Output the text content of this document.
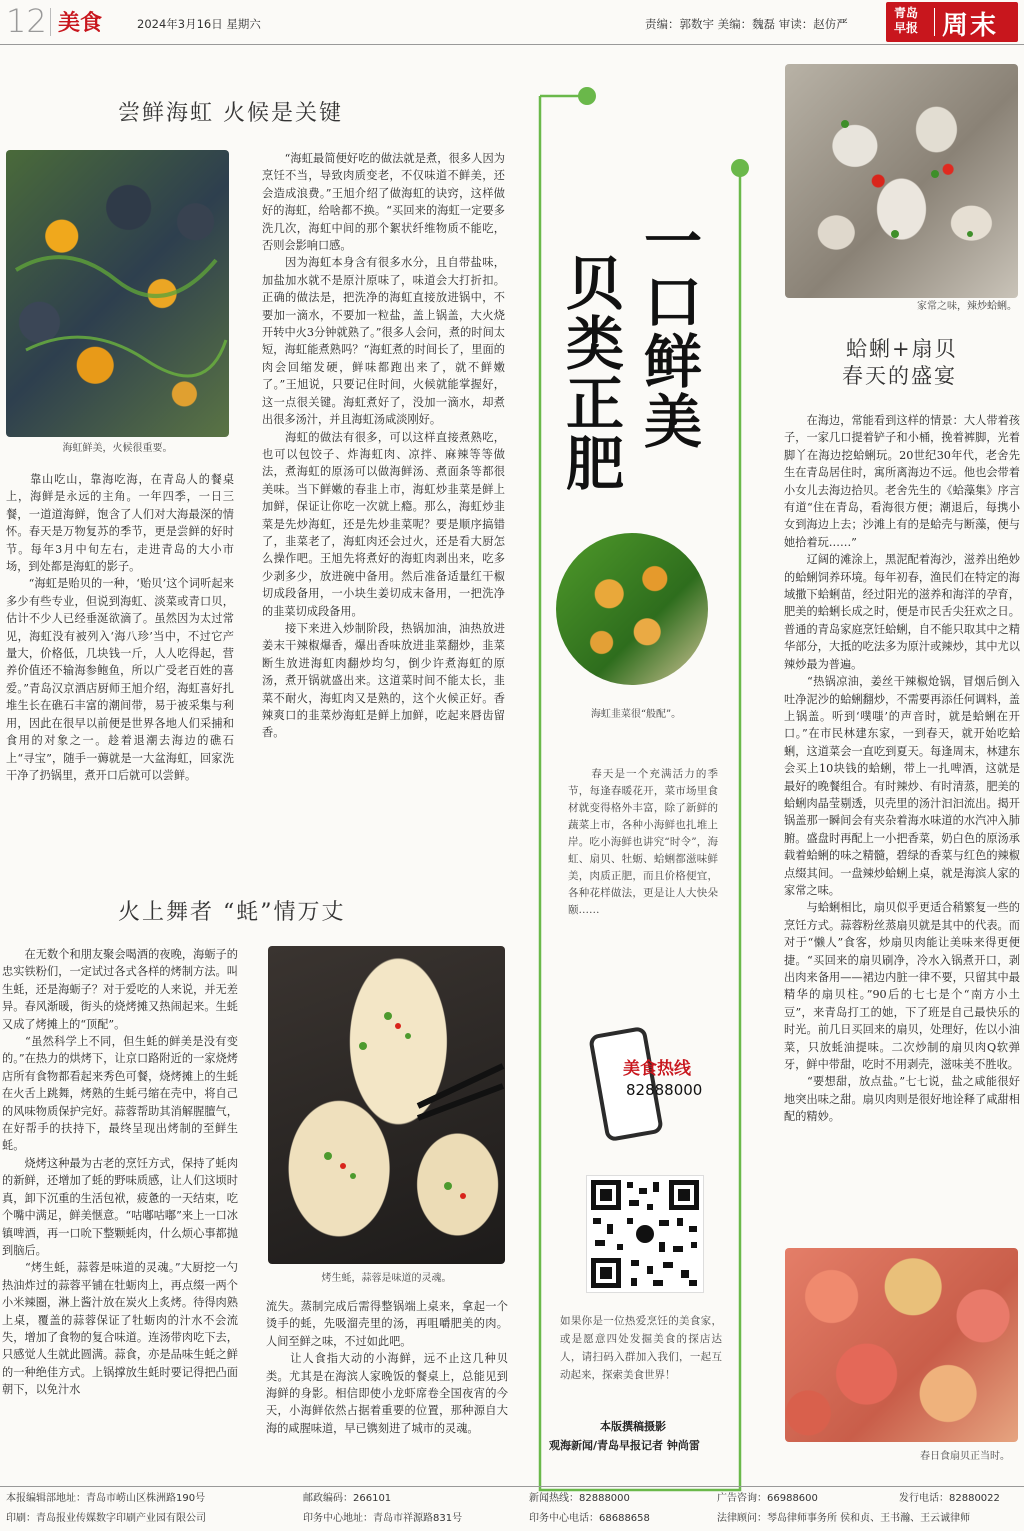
12 美食	2024年3月16日 星期六	责编：郭数宇 美编：魏磊 审读：赵仿严
青岛早报 周末
尝鲜海虹 火候是关键
海虹鲜美，火候很重要。
　　靠山吃山，靠海吃海，在青岛人的餐桌上，海鲜是永远的主角。一年四季，一日三餐，一道道海鲜，饱含了人们对大海最深的情怀。春天是万物复苏的季节，更是尝鲜的好时节。每年3月中旬左右，走进青岛的大小市场，到处都是海虹的影子。
　　“海虹是贻贝的一种，‘贻贝’这个词听起来多少有些专业，但说到海虹、淡菜或青口贝，估计不少人已经垂涎欲滴了。虽然因为太过常见，海虹没有被列入‘海八珍’当中，不过它产量大，价格低，几块钱一斤，人人吃得起，营养价值还不输海参鲍鱼，所以广受老百姓的喜爱。”青岛汉京酒店厨师王旭介绍，海虹喜好扎堆生长在礁石丰富的潮间带，易于被采集与利用，因此在很早以前便是世界各地人们采捕和食用的对象之一。趁着退潮去海边的礁石上“寻宝”，随手一薅就是一大盆海虹，回家洗干净了扔锅里，煮开口后就可以尝鲜。
　　“海虹最简便好吃的做法就是煮，很多人因为烹饪不当，导致肉质变老，不仅味道不鲜美，还会造成浪费。”王旭介绍了做海虹的诀窍，这样做好的海虹，给啥都不换。“买回来的海虹一定要多洗几次，海虹中间的那个絮状纤维物质不能吃，否则会影响口感。
　　因为海虹本身含有很多水分，且自带盐味，加盐加水就不是原汁原味了，味道会大打折扣。正确的做法是，把洗净的海虹直接放进锅中，不要加一滴水，不要加一粒盐，盖上锅盖，大火烧开转中火3分钟就熟了。”很多人会问，煮的时间太短，海虹能煮熟吗？“海虹煮的时间长了，里面的肉会回缩发硬，鲜味都跑出来了，就不鲜嫩了。”王旭说，只要记住时间，火候就能掌握好，这一点很关键。海虹煮好了，没加一滴水，却煮出很多汤汁，并且海虹汤咸淡刚好。
　　海虹的做法有很多，可以这样直接煮熟吃，也可以包饺子、炸海虹肉、凉拌、麻辣等等做法，煮海虹的原汤可以做海鲜汤、煮面条等都很美味。当下鲜嫩的春韭上市，海虹炒韭菜是鲜上加鲜，保证让你吃一次就上瘾。那么，海虹炒韭菜是先炒海虹，还是先炒韭菜呢？要是顺序搞错了，韭菜老了，海虹肉还会过火，还是看大厨怎么操作吧。王旭先将煮好的海虹肉剥出来，吃多少剥多少，放进碗中备用。然后准备适量红干椒切成段备用，一小块生姜切成末备用，一把洗净的韭菜切成段备用。
　　接下来进入炒制阶段，热锅加油，油热放进姜末干辣椒爆香，爆出香味放进韭菜翻炒，韭菜断生放进海虹肉翻炒均匀，倒少许煮海虹的原汤，煮开锅就盛出来。这道菜时间不能太长，韭菜不耐火，海虹肉又是熟的，这个火候正好。香辣爽口的韭菜炒海虹是鲜上加鲜，吃起来唇齿留香。
火上舞者 “蚝”情万丈
　　在无数个和朋友聚会喝酒的夜晚，海蛎子的忠实铁粉们，一定试过各式各样的烤制方法。叫生蚝，还是海蛎子？对于爱吃的人来说，并无差异。春风渐暖，街头的烧烤摊又热闹起来。生蚝又成了烤摊上的“顶配”。
　　“虽然科学上不同，但生蚝的鲜美是没有变的。”在热力的烘烤下，让京口路附近的一家烧烤店所有食物都看起来秀色可餐，烧烤摊上的生蚝在火舌上跳舞，烤熟的生蚝弓缩在壳中，将自己的风味物质保护完好。蒜蓉帮助其消解腥膻气，在好帮手的扶持下，最终呈现出烤制的至鲜生蚝。
　　烧烤这种最为古老的烹饪方式，保持了蚝肉的新鲜，还增加了蚝的野味质感，让人们这顷时真，卸下沉重的生活包袱，疲惫的一天结束，吃个嘴中满足，鲜美惬意。“咕嘟咕嘟”来上一口冰镇啤酒，再一口吮下整颗蚝肉，什么烦心事都抛到脑后。
　　“烤生蚝，蒜蓉是味道的灵魂。”大厨挖一勺热油炸过的蒜蓉平铺在牡蛎肉上，再点缀一两个小米辣圈，淋上酱汁放在炭火上炙烤。待得肉熟上桌，覆盖的蒜蓉保证了牡蛎肉的汁水不会流失，增加了食物的复合味道。连汤带肉吃下去，只感觉人生就此圆满。蒜食，亦是品味生蚝之鲜的一种绝佳方式。上锅撑放生蚝时要记得把凸面朝下，以免汁水
烤生蚝，蒜蓉是味道的灵魂。
流失。蒸制完成后需得整锅端上桌来，拿起一个烫手的蚝，先吸溜壳里的汤，再咀嚼肥美的肉。人间至鲜之味，不过如此吧。
　　让人食指大动的小海鲜，远不止这几种贝类。尤其是在海滨人家晚饭的餐桌上，总能见到海鲜的身影。相信即使小龙虾席卷全国夜宵的今天，小海鲜依然占据着重要的位置，那种源自大海的咸腥味道，早已镌刻进了城市的灵魂。
一口鲜美
贝类正肥
海虹韭菜很“般配”。
　　春天是一个充满活力的季节，每逢春暖花开，菜市场里食材就变得格外丰富，除了新鲜的蔬菜上市，各种小海鲜也扎堆上岸。吃小海鲜也讲究“时令”，海虹、扇贝、牡蛎、蛤蜊都滋味鲜美，肉质正肥，而且价格便宜，各种花样做法，更是让人大快朵颐……
美食热线
82888000
如果你是一位热爱烹饪的美食家，或是愿意四处发掘美食的探店达人，请扫码入群加入我们，一起互动起来，探索美食世界！
本版撰稿摄影
观海新闻/青岛早报记者 钟尚雷
家常之味，辣炒蛤蜊。
蛤蜊+扇贝
春天的盛宴
　　在海边，常能看到这样的情景：大人带着孩子，一家几口提着铲子和小桶，挽着裤脚，光着脚丫在海边挖蛤蜊玩。20世纪30年代，老舍先生在青岛居住时，寓所离海边不远。他也会带着小女儿去海边拾贝。老舍先生的《蛤藻集》序言有道“住在青岛，看海很方便；潮退后，每携小女到海边上去；沙滩上有的是蛤壳与断藻，便与她拾着玩……”
　　辽阔的滩涂上，黑泥配着海沙，滋养出绝妙的蛤蜊饲养环境。每年初春，渔民们在特定的海域撒下蛤蜊苗，经过阳光的滋养和海洋的孕育，肥美的蛤蜊长成之时，便是市民舌尖狂欢之日。普通的青岛家庭烹饪蛤蜊，自不能只取其中之精华部分，大抵的吃法多为原汁或辣炒，其中尤以辣炒最为普遍。
　　“热锅凉油，姜丝干辣椒炝锅，冒烟后倒入吐净泥沙的蛤蜊翻炒，不需要再添任何调料，盖上锅盖。听到‘噗嗤’的声音时，就是蛤蜊在开口。”在市民林建东家，一到春天，就开始吃蛤蜊，这道菜会一直吃到夏天。每逢周末，林建东会买上10块钱的蛤蜊，带上一扎啤酒，这就是最好的晚餐组合。有时辣炒、有时清蒸，肥美的蛤蜊肉晶莹剔透，贝壳里的汤汁汩汩流出。揭开锅盖那一瞬间会有夹杂着海水味道的水汽冲入肺腑。盛盘时再配上一小把香菜，奶白色的原汤承载着蛤蜊的味之精髓，碧绿的香菜与红色的辣椒点缀其间。一盘辣炒蛤蜊上桌，就是海滨人家的家常之味。
　　与蛤蜊相比，扇贝似乎更适合稍繁复一些的烹饪方式。蒜蓉粉丝蒸扇贝就是其中的代表。而对于“懒人”食客，炒扇贝肉能让美味来得更便捷。“买回来的扇贝刷净，冷水入锅煮开口，剥出肉来备用——裙边内脏一律不要，只留其中最精华的扇贝柱。”90后的七七是个“南方小土豆”，来青岛打工的她，下了班是自己最快乐的时光。前几日买回来的扇贝，处理好，佐以小油菜，只放蚝油提味。二次炒制的扇贝肉Q软弹牙，鲜中带甜，吃时不用剥壳，滋味美不胜收。
　　“要想甜，放点盐。”七七说，盐之咸能很好地突出味之甜。扇贝肉则是很好地诠释了咸甜相配的精妙。
春日食扇贝正当时。
本报编辑部地址：青岛市崂山区株洲路190号	邮政编码：266101	新闻热线：82888000	广告咨询：66988600	发行电话：82880022
印刷：青岛报业传媒数字印刷产业园有限公司	印务中心地址：青岛市祥源路831号	印务中心电话：68688658	法律顾问：琴岛律师事务所 侯和贞、王书瀚、王云诚律师
